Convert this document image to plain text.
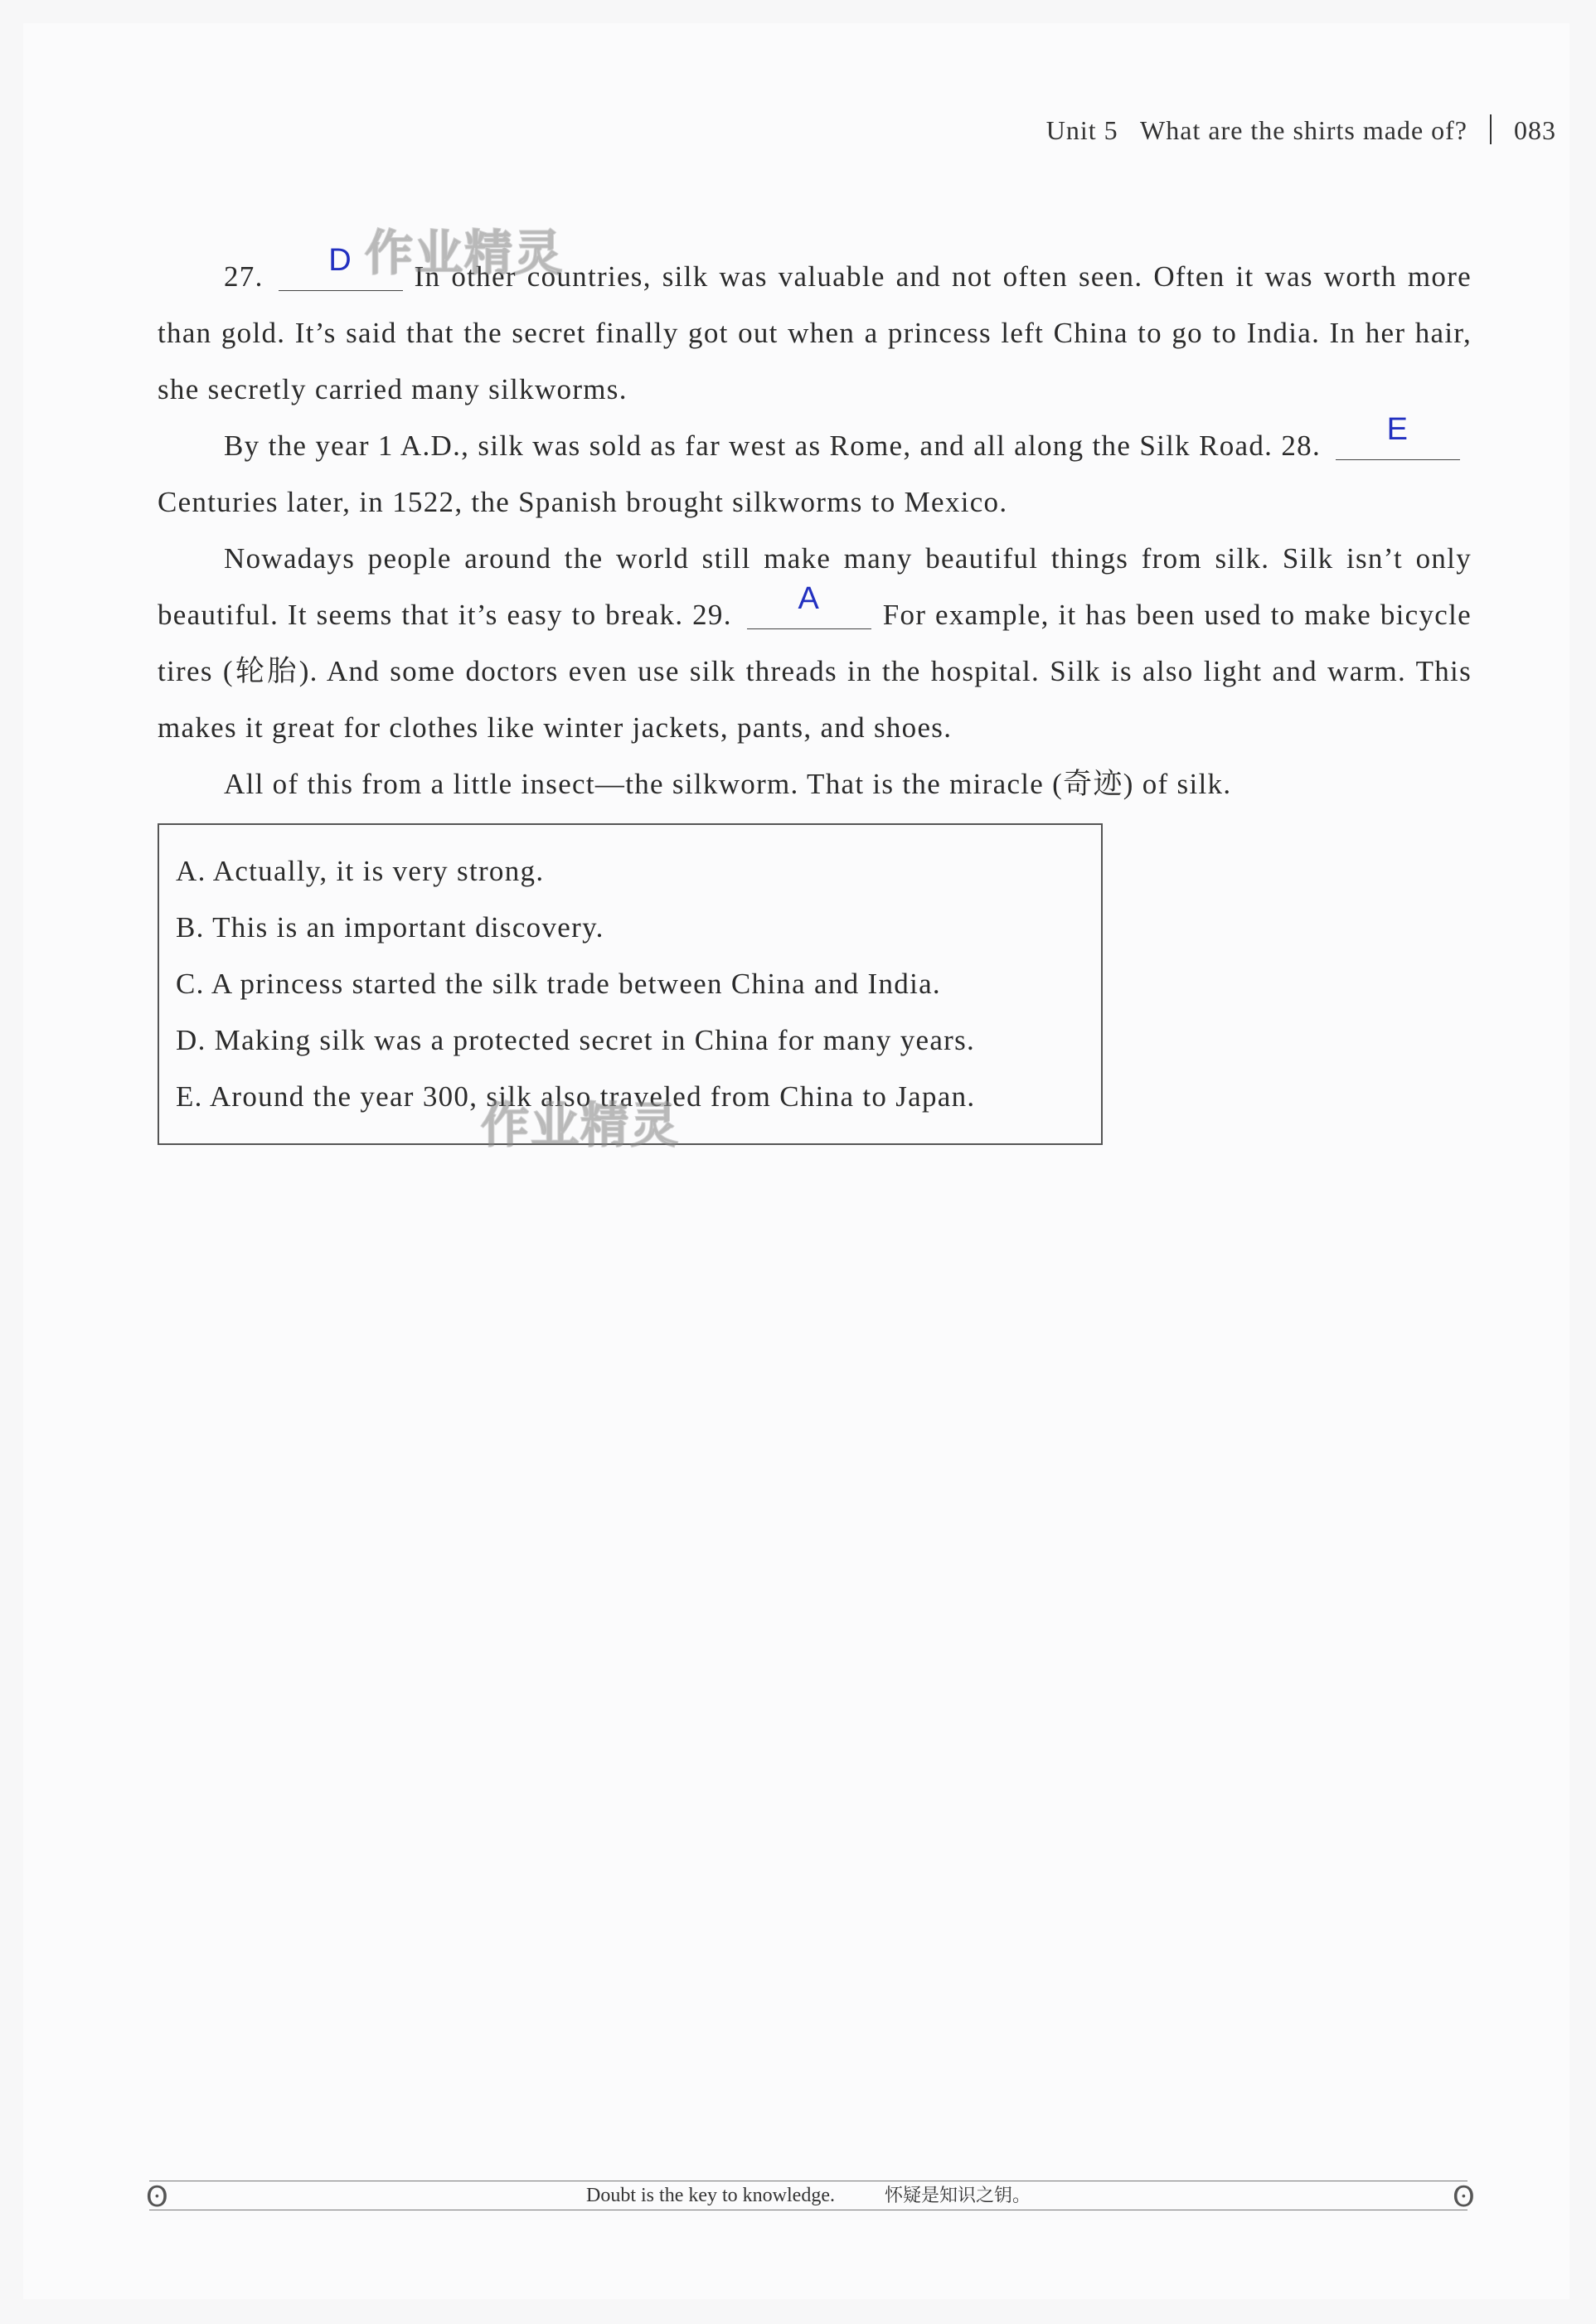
Unit 5 What are the shirts made of? 083

27.	D	In other countries, silk was valuable and not often seen. Often it was worth more than gold. It’s said that the secret finally got out when a princess left China to go to India. In her hair, she secretly carried many silkworms.

By the year 1 A.D., silk was sold as far west as Rome, and all along the Silk Road. 28.	E
Centuries later, in 1522, the Spanish brought silkworms to Mexico.

Nowadays people around the world still make many beautiful things from silk. Silk isn’t only beautiful. It seems that it’s easy to break. 29.	A	For example, it has been used to make bicycle tires (轮胎). And some doctors even use silk threads in the hospital. Silk is also light and warm. This makes it great for clothes like winter jackets, pants, and shoes.

All of this from a little insect—the silkworm. That is the miracle (奇迹) of silk.

A. Actually, it is very strong.
B. This is an important discovery.
C. A princess started the silk trade between China and India.
D. Making silk was a protected secret in China for many years.
E. Around the year 300, silk also traveled from China to Japan.
作业精灵
作业精灵
ʘ	ʘ
Doubt is the key to knowledge.	怀疑是知识之钥。
